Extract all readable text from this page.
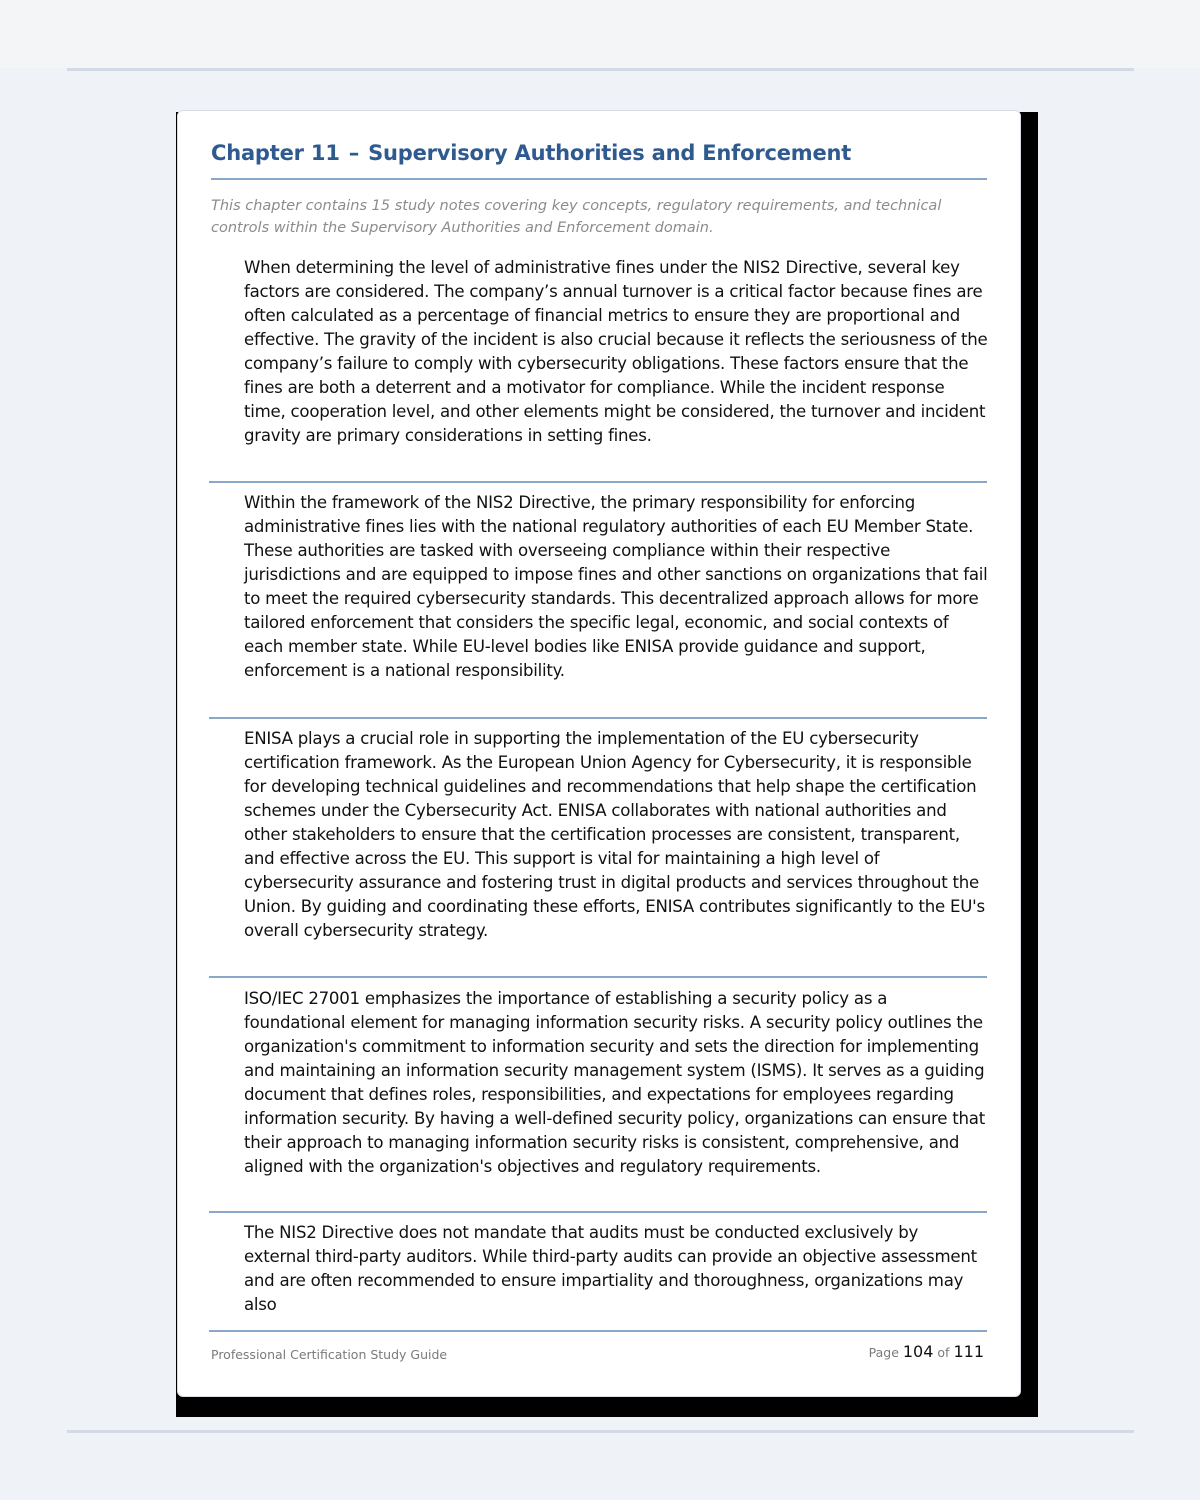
Chapter 11 – Supervisory Authorities and Enforcement

This chapter contains 15 study notes covering key concepts, regulatory requirements, and technical controls within the Supervisory Authorities and Enforcement domain.

When determining the level of administrative fines under the NIS2 Directive, several key factors are considered. The company’s annual turnover is a critical factor because fines are often calculated as a percentage of financial metrics to ensure they are proportional and effective. The gravity of the incident is also crucial because it reflects the seriousness of the company’s failure to comply with cybersecurity obligations. These factors ensure that the fines are both a deterrent and a motivator for compliance. While the incident response time, cooperation level, and other elements might be considered, the turnover and incident gravity are primary considerations in setting fines.

Within the framework of the NIS2 Directive, the primary responsibility for enforcing administrative fines lies with the national regulatory authorities of each EU Member State. These authorities are tasked with overseeing compliance within their respective jurisdictions and are equipped to impose fines and other sanctions on organizations that fail to meet the required cybersecurity standards. This decentralized approach allows for more tailored enforcement that considers the specific legal, economic, and social contexts of each member state. While EU-level bodies like ENISA provide guidance and support, enforcement is a national responsibility.

ENISA plays a crucial role in supporting the implementation of the EU cybersecurity certification framework. As the European Union Agency for Cybersecurity, it is responsible for developing technical guidelines and recommendations that help shape the certification schemes under the Cybersecurity Act. ENISA collaborates with national authorities and other stakeholders to ensure that the certification processes are consistent, transparent, and effective across the EU. This support is vital for maintaining a high level of cybersecurity assurance and fostering trust in digital products and services throughout the Union. By guiding and coordinating these efforts, ENISA contributes significantly to the EU's overall cybersecurity strategy.

ISO/IEC 27001 emphasizes the importance of establishing a security policy as a foundational element for managing information security risks. A security policy outlines the organization's commitment to information security and sets the direction for implementing and maintaining an information security management system (ISMS). It serves as a guiding document that defines roles, responsibilities, and expectations for employees regarding information security. By having a well-defined security policy, organizations can ensure that their approach to managing information security risks is consistent, comprehensive, and aligned with the organization's objectives and regulatory requirements.

The NIS2 Directive does not mandate that audits must be conducted exclusively by external third-party auditors. While third-party audits can provide an objective assessment and are often recommended to ensure impartiality and thoroughness, organizations may also

Professional Certification Study Guide	Page 104 of 111
